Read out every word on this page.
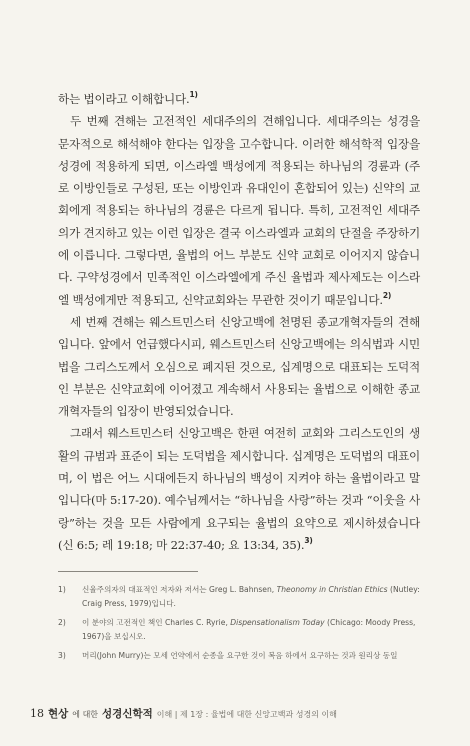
하는 법이라고 이해합니다.$^{1)}$

두 번째 견해는 고전적인 세대주의의 견해입니다. 세대주의는 성경을 문자적으로 해석해야 한다는 입장을 고수합니다. 이러한 해석학적 입장을 성경에 적용하게 되면, 이스라엘 백성에게 적용되는 하나님의 경륜과 (주로 이방인들로 구성된, 또는 이방인과 유대인이 혼합되어 있는) 신약의 교회에게 적용되는 하나님의 경륜은 다르게 됩니다. 특히, 고전적인 세대주의가 견지하고 있는 이런 입장은 결국 이스라엘과 교회의 단절을 주장하기에 이릅니다. 그렇다면, 율법의 어느 부분도 신약 교회로 이어지지 않습니다. 구약성경에서 민족적인 이스라엘에게 주신 율법과 제사제도는 이스라엘 백성에게만 적용되고, 신약교회와는 무관한 것이기 때문입니다.$^{2)}$

세 번째 견해는 웨스트민스터 신앙고백에 천명된 종교개혁자들의 견해입니다. 앞에서 언급했다시피, 웨스트민스터 신앙고백에는 의식법과 시민법을 그리스도께서 오심으로 폐지된 것으로, 십계명으로 대표되는 도덕적인 부분은 신약교회에 이어졌고 계속해서 사용되는 율법으로 이해한 종교개혁자들의 입장이 반영되었습니다.

그래서 웨스트민스터 신앙고백은 한편 여전히 교회와 그리스도인의 생활의 규범과 표준이 되는 도덕법을 제시합니다. 십계명은 도덕법의 대표이며, 이 법은 어느 시대에든지 하나님의 백성이 지켜야 하는 율법이라고 말입니다(마 5:17-20). 예수님께서는 “하나님을 사랑”하는 것과 “이웃을 사랑”하는 것을 모든 사람에게 요구되는 율법의 요약으로 제시하셨습니다(신 6:5; 레 19:18; 마 22:37-40; 요 13:34, 35).$^{3)}$

1)	신율주의자의 대표적인 저자와 저서는 Greg L. Bahnsen, Theonomy in Christian Ethics (Nutley: Craig Press, 1979)입니다.
2)	이 분야의 고전적인 책인 Charles C. Ryrie, Dispensationalism Today (Chicago: Moody Press, 1967)을 보십시오.
3)	머리(John Murry)는 모세 언약에서 순종을 요구한 것이 복음 하에서 요구하는 것과 원리상 동일
18 현상 에 대한 성경신학적 이해 | 제 1장 : 율법에 대한 신앙고백과 성경의 이해
